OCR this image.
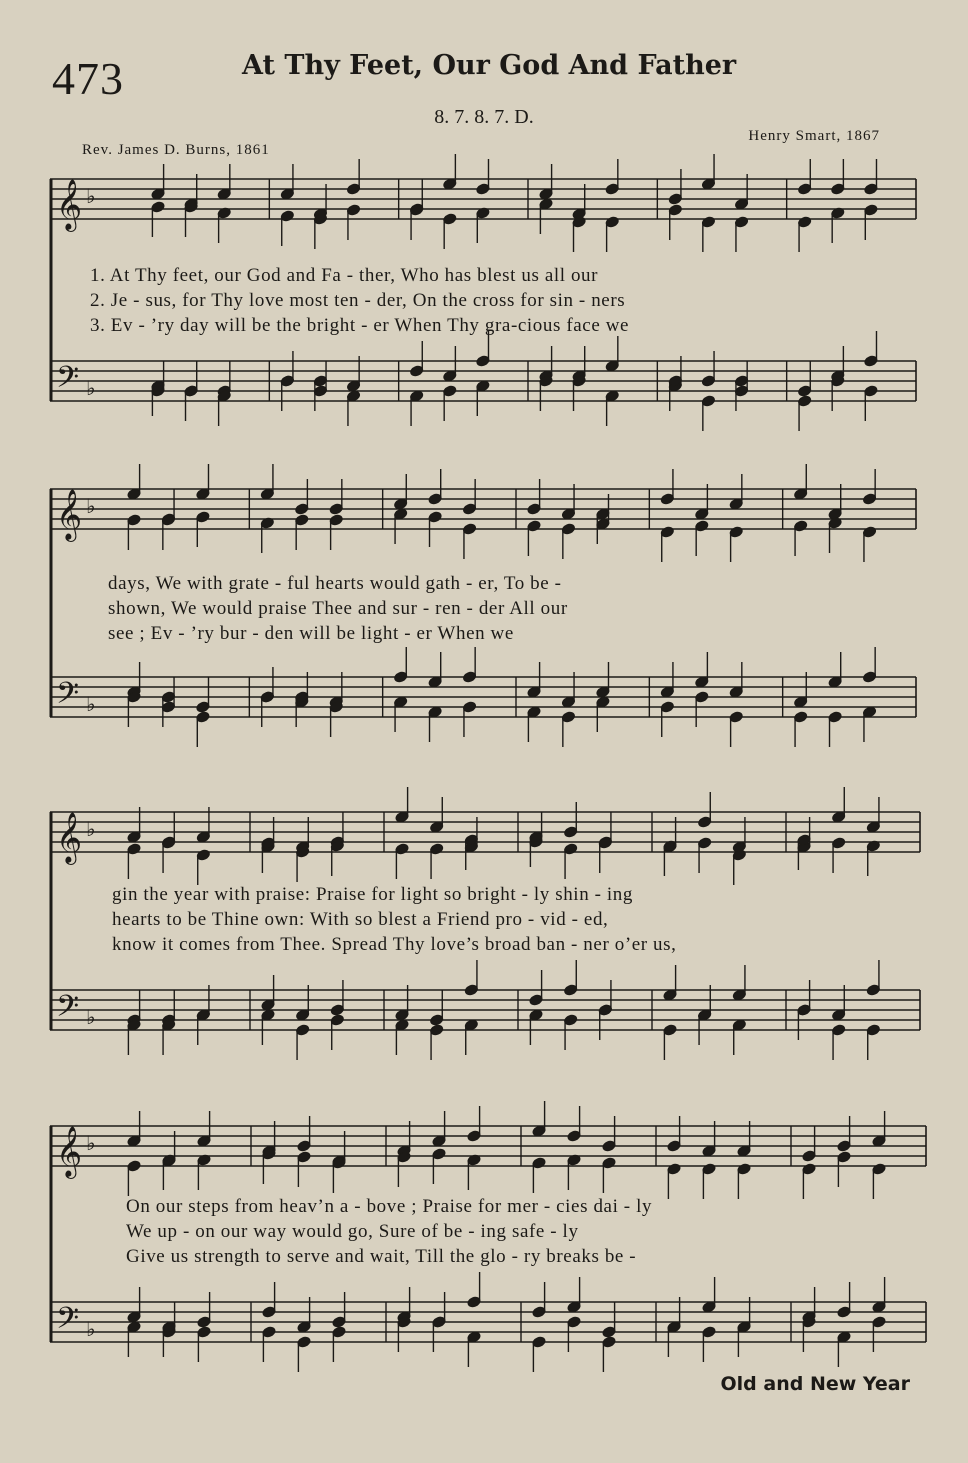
473	At Thy Feet, Our God And Father
8. 7. 8. 7. D.
Rev. James D. Burns, 1861
Henry Smart, 1867
𝄞
𝄢
♭
♭
1. At Thy feet, our God and Fa - ther, Who has blest us all our
2. Je - sus, for Thy love most ten - der, On the cross for sin - ners
3. Ev - ’ry day will be the bright - er When Thy gra-cious face we
𝄞
𝄢
♭
♭
days, We with grate - ful hearts would gath - er, To be -
shown, We would praise Thee and sur - ren - der All our
see ; Ev - ’ry bur - den will be light - er When we
𝄞
𝄢
♭
♭
gin the year with praise: Praise for light so bright - ly shin - ing
hearts to be Thine own: With so blest a Friend pro - vid - ed,
know it comes from Thee. Spread Thy love’s broad ban - ner o’er us,
𝄞
𝄢
♭
♭
On our steps from heav’n a - bove ; Praise for mer - cies dai - ly
We up - on our way would go, Sure of be - ing safe - ly
Give us strength to serve and wait, Till the glo - ry breaks be -
Old and New Year
